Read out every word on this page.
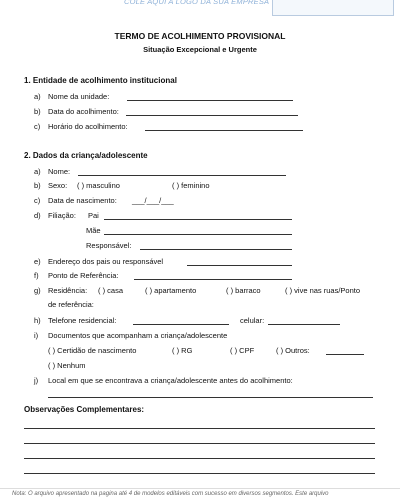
COLE AQUI A LOGO DA SUA EMPRESA
TERMO DE ACOLHIMENTO PROVISIONAL
Situação Excepcional e Urgente
1. Entidade de acolhimento institucional
a) Nome da unidade:
b) Data do acolhimento:
c) Horário do acolhimento:
2. Dados da criança/adolescente
a) Nome:
b) Sexo: ( ) masculino	( ) feminino
c) Data de nascimento: ___/___/___
d) Filiação: Pai
Mãe
Responsável:
e) Endereço dos pais ou responsável
f) Ponto de Referência:
g) Residência: ( ) casa	( ) apartamento	( ) barraco	( ) vive nas ruas/Ponto
de referência:
h) Telefone residencial:	celular:
i) Documentos que acompanham a criança/adolescente
( ) Certidão de nascimento	( ) RG	( ) CPF	( ) Outros:
( ) Nenhum
j) Local em que se encontrava a criança/adolescente antes do acolhimento:
Observações Complementares:
Nota: O arquivo apresentado na pagina até 4 de modelos editáveis com sucesso em diversos segmentos. Este arquivo
